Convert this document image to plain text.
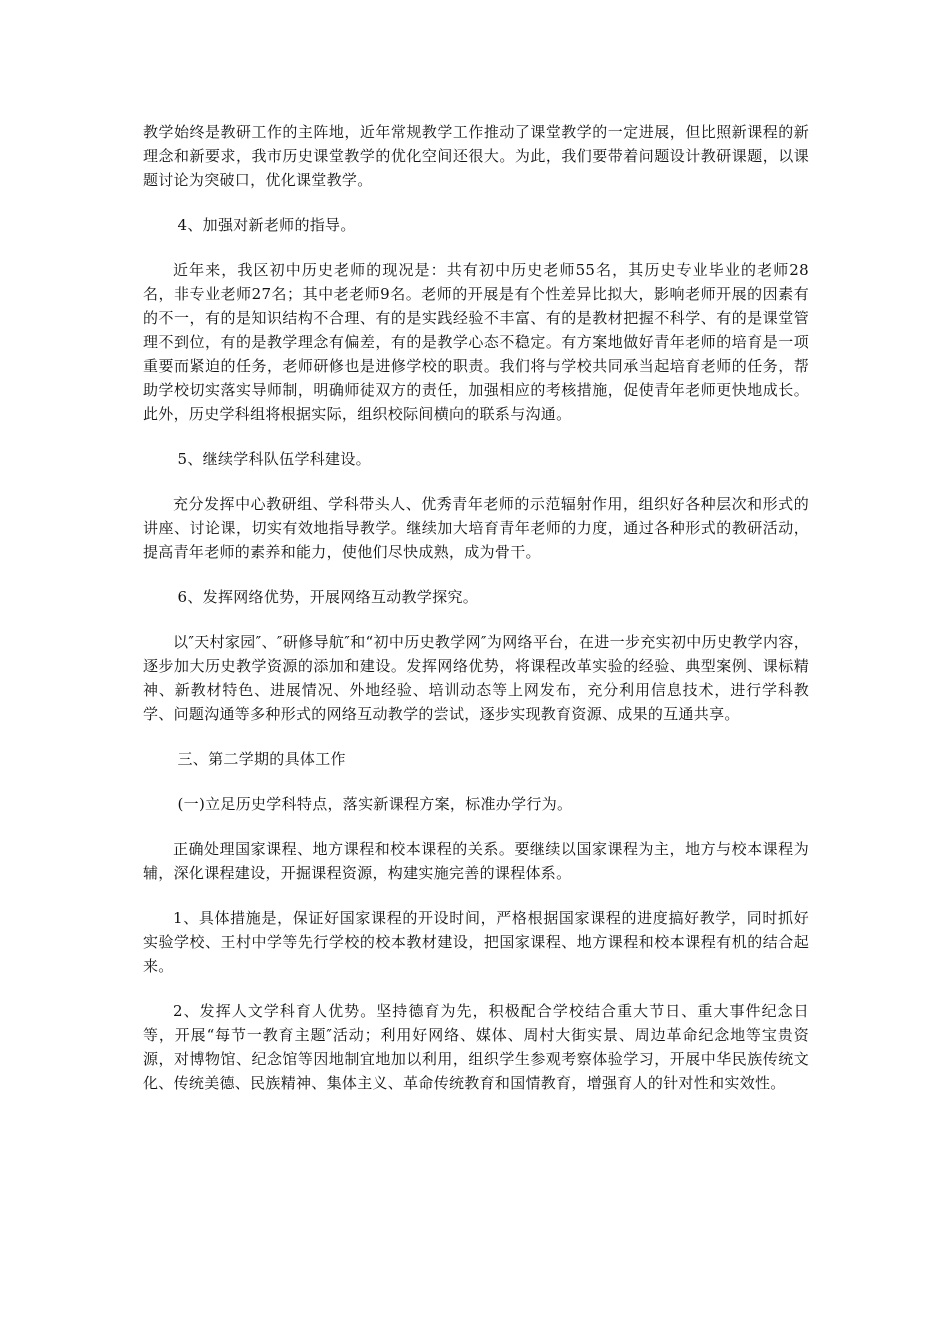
教学始终是教研工作的主阵地，近年常规教学工作推动了课堂教学的一定进展，但比照新课程的新理念和新要求，我市历史课堂教学的优化空间还很大。为此，我们要带着问题设计教研课题，以课题讨论为突破口，优化课堂教学。

4、加强对新老师的指导。

近年来，我区初中历史老师的现况是：共有初中历史老师55名，其历史专业毕业的老师28名，非专业老师27名；其中老老师9名。老师的开展是有个性差异比拟大，影响老师开展的因素有的不一，有的是知识结构不合理、有的是实践经验不丰富、有的是教材把握不科学、有的是课堂管理不到位，有的是教学理念有偏差，有的是教学心态不稳定。有方案地做好青年老师的培育是一项重要而紧迫的任务，老师研修也是进修学校的职责。我们将与学校共同承当起培育老师的任务，帮助学校切实落实导师制，明确师徒双方的责任，加强相应的考核措施，促使青年老师更快地成长。此外，历史学科组将根据实际，组织校际间横向的联系与沟通。

5、继续学科队伍学科建设。

充分发挥中心教研组、学科带头人、优秀青年老师的示范辐射作用，组织好各种层次和形式的讲座、讨论课，切实有效地指导教学。继续加大培育青年老师的力度，通过各种形式的教研活动，提高青年老师的素养和能力，使他们尽快成熟，成为骨干。

6、发挥网络优势，开展网络互动教学探究。

以″天村家园″、″研修导航″和“初中历史教学网″为网络平台，在进一步充实初中历史教学内容，逐步加大历史教学资源的添加和建设。发挥网络优势，将课程改革实验的经验、典型案例、课标精神、新教材特色、进展情况、外地经验、培训动态等上网发布，充分利用信息技术，进行学科教学、问题沟通等多种形式的网络互动教学的尝试，逐步实现教育资源、成果的互通共享。

三、第二学期的具体工作

(一)立足历史学科特点，落实新课程方案，标准办学行为。

正确处理国家课程、地方课程和校本课程的关系。要继续以国家课程为主，地方与校本课程为辅，深化课程建设，开掘课程资源，构建实施完善的课程体系。

1、具体措施是，保证好国家课程的开设时间，严格根据国家课程的进度搞好教学，同时抓好实验学校、王村中学等先行学校的校本教材建设，把国家课程、地方课程和校本课程有机的结合起来。

2、发挥人文学科育人优势。坚持德育为先，积极配合学校结合重大节日、重大事件纪念日等，开展“每节一教育主题″活动；利用好网络、媒体、周村大街实景、周边革命纪念地等宝贵资源，对博物馆、纪念馆等因地制宜地加以利用，组织学生参观考察体验学习，开展中华民族传统文化、传统美德、民族精神、集体主义、革命传统教育和国情教育，增强育人的针对性和实效性。
